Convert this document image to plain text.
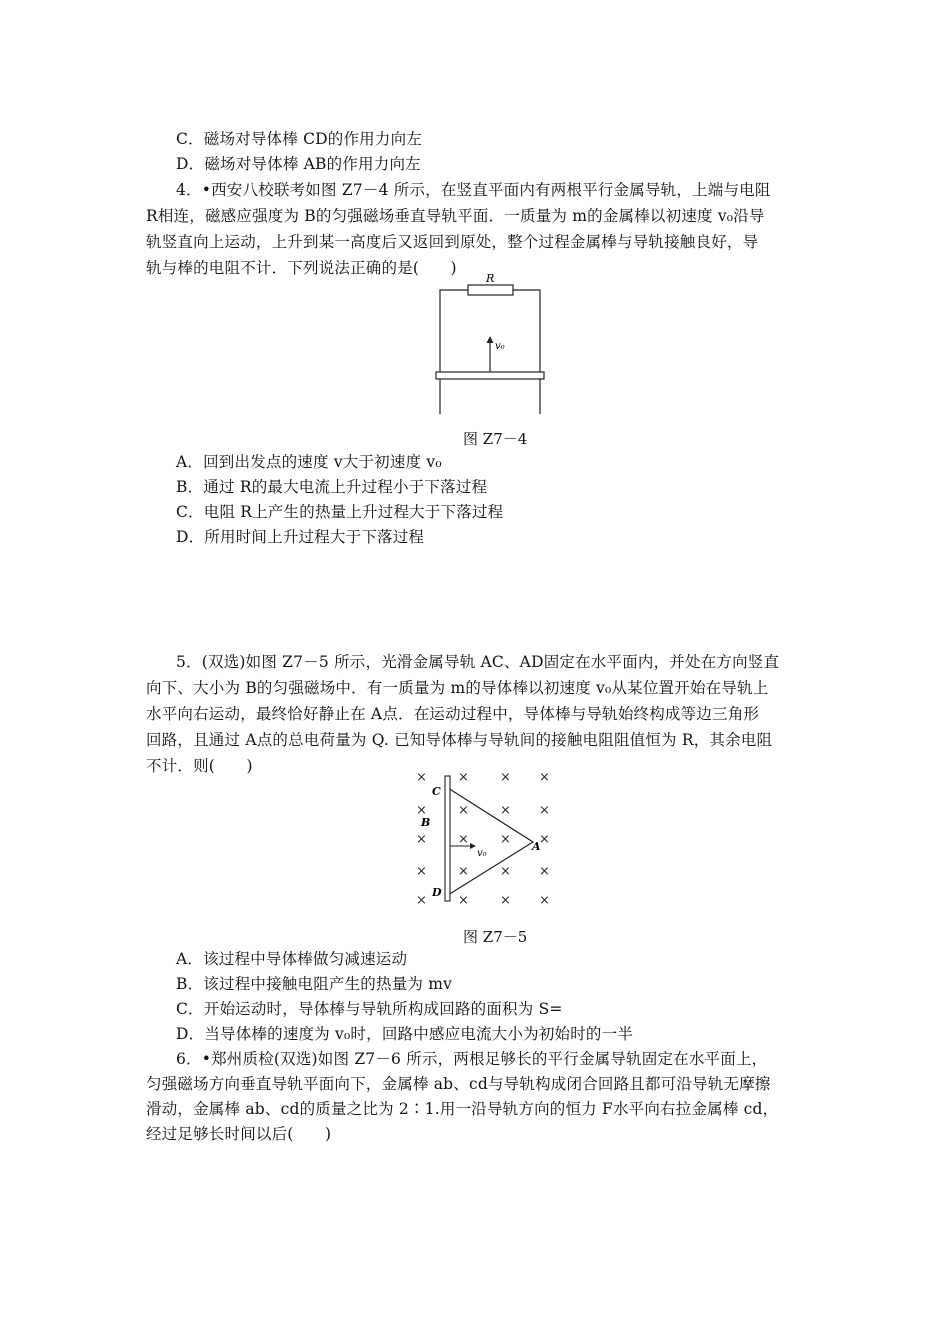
C．磁场对导体棒 CD的作用力向左
D．磁场对导体棒 AB的作用力向左
4．•西安八校联考如图 Z7－4 所示，在竖直平面内有两根平行金属导轨，上端与电阻
R相连，磁感应强度为 B的匀强磁场垂直导轨平面．一质量为 m的金属棒以初速度 v₀沿导
轨竖直向上运动，上升到某一高度后又返回到原处，整个过程金属棒与导轨接触良好，导
轨与棒的电阻不计．下列说法正确的是(　　)
R
v₀
图 Z7－4
A．回到出发点的速度 v大于初速度 v₀
B．通过 R的最大电流上升过程小于下落过程
C．电阻 R上产生的热量上升过程大于下落过程
D．所用时间上升过程大于下落过程
5．(双选)如图 Z7－5 所示，光滑金属导轨 AC、AD固定在水平面内，并处在方向竖直
向下、大小为 B的匀强磁场中．有一质量为 m的导体棒以初速度 v₀从某位置开始在导轨上
水平向右运动，最终恰好静止在 A点．在运动过程中，导体棒与导轨始终构成等边三角形
回路，且通过 A点的总电荷量为 Q. 已知导体棒与导轨间的接触电阻阻值恒为 R，其余电阻
不计．则(　　)
× × × ×
× × × ×
× × × ×
× × × ×
× × × ×
v₀
C
B
D
A
图 Z7－5
A．该过程中导体棒做匀减速运动
B．该过程中接触电阻产生的热量为 mv
C．开始运动时，导体棒与导轨所构成回路的面积为 S=
D．当导体棒的速度为 v₀时，回路中感应电流大小为初始时的一半
6．•郑州质检(双选)如图 Z7－6 所示，两根足够长的平行金属导轨固定在水平面上，
匀强磁场方向垂直导轨平面向下，金属棒 ab、cd与导轨构成闭合回路且都可沿导轨无摩擦
滑动，金属棒 ab、cd的质量之比为 2∶1.用一沿导轨方向的恒力 F水平向右拉金属棒 cd，
经过足够长时间以后(　　)
